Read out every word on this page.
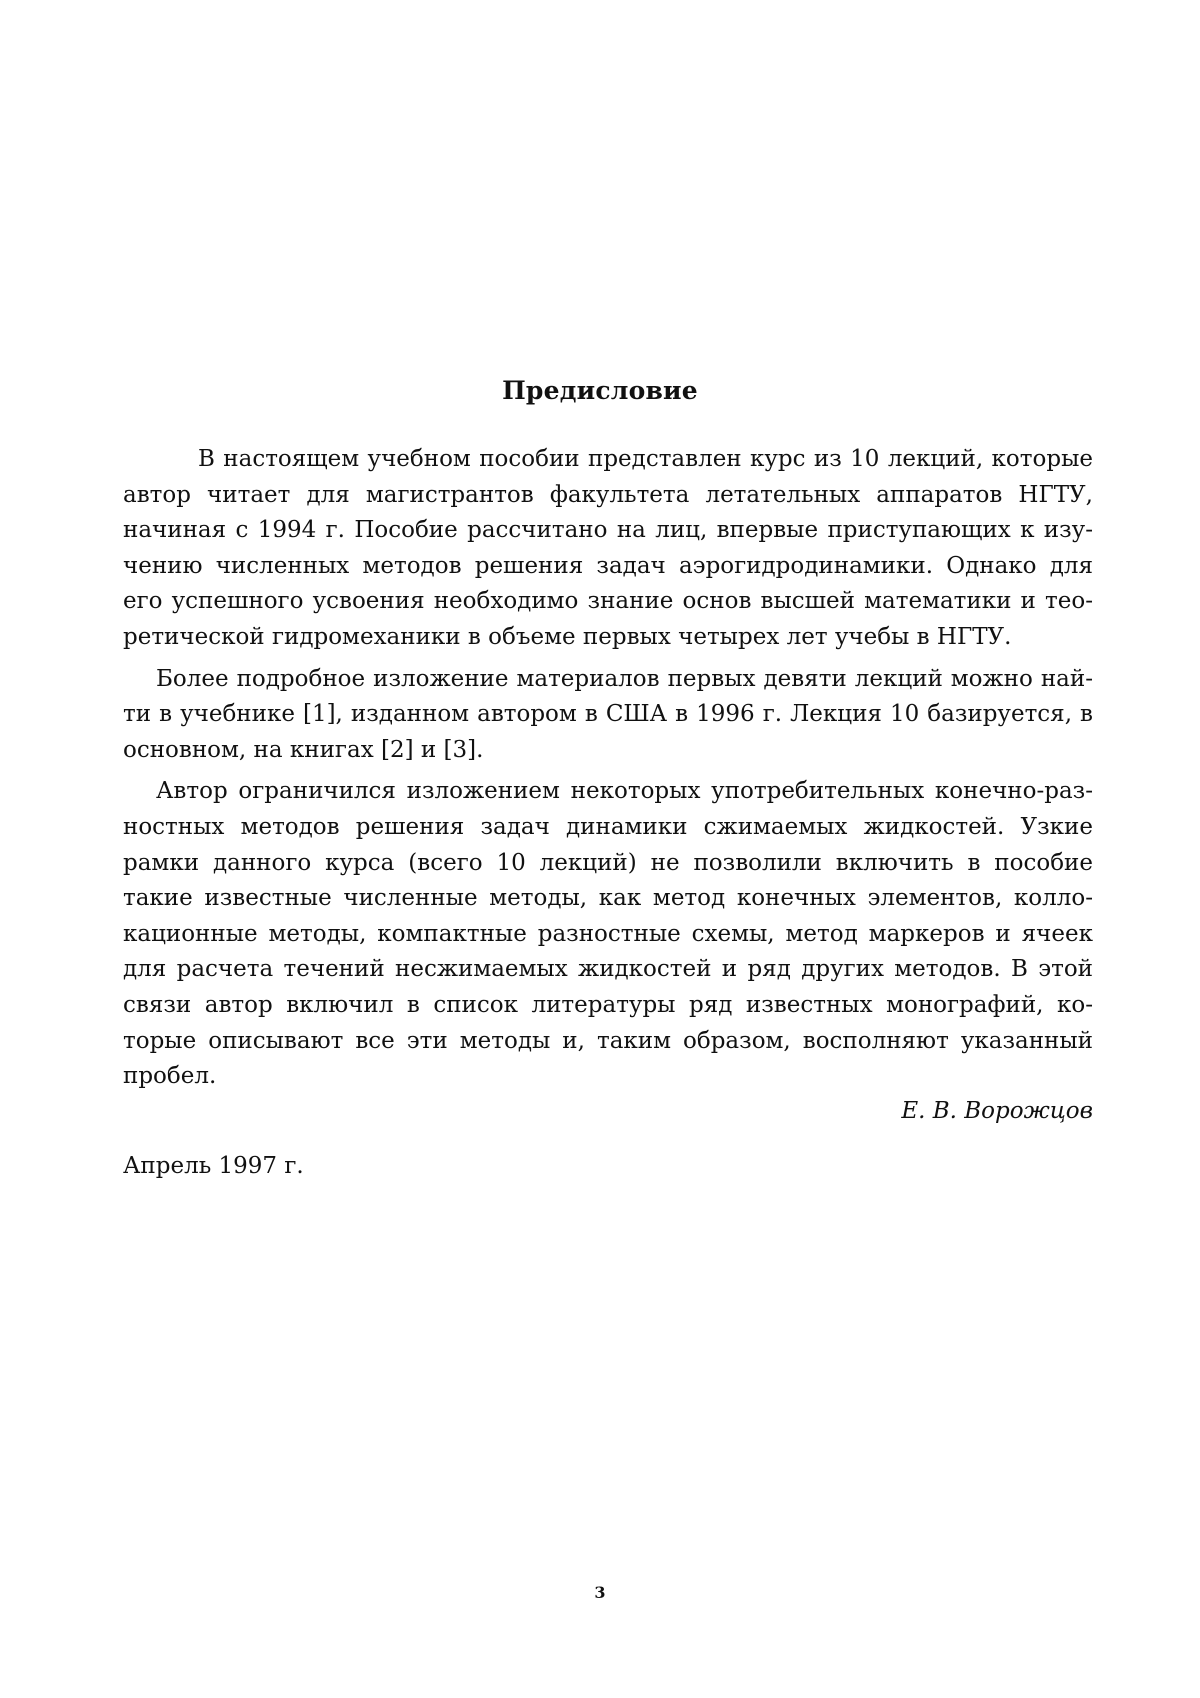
Предисловие

В настоящем учебном пособии представлен курс из 10 лекций, которые автор читает для магистрантов факультета летательных аппаратов НГТУ, начиная с 1994 г. Пособие рассчитано на лиц, впервые приступающих к изучению численных методов решения задач аэрогидродинамики. Однако для его успешного усвоения необходимо знание основ высшей математики и теоретической гидромеханики в объеме первых четырех лет учебы в НГТУ.

Более подробное изложение материалов первых девяти лекций можно найти в учебнике [1], изданном автором в США в 1996 г. Лекция 10 базируется, в основном, на книгах [2] и [3].

Автор ограничился изложением некоторых употребительных конечно-разностных методов решения задач динамики сжимаемых жидкостей. Узкие рамки данного курса (всего 10 лекций) не позволили включить в пособие такие известные численные методы, как метод конечных элементов, коллокационные методы, компактные разностные схемы, метод маркеров и ячеек для расчета течений несжимаемых жидкостей и ряд других методов. В этой связи автор включил в список литературы ряд известных монографий, которые описывают все эти методы и, таким образом, восполняют указанный пробел.

Е. В. Ворожцов
Апрель 1997 г.
3
